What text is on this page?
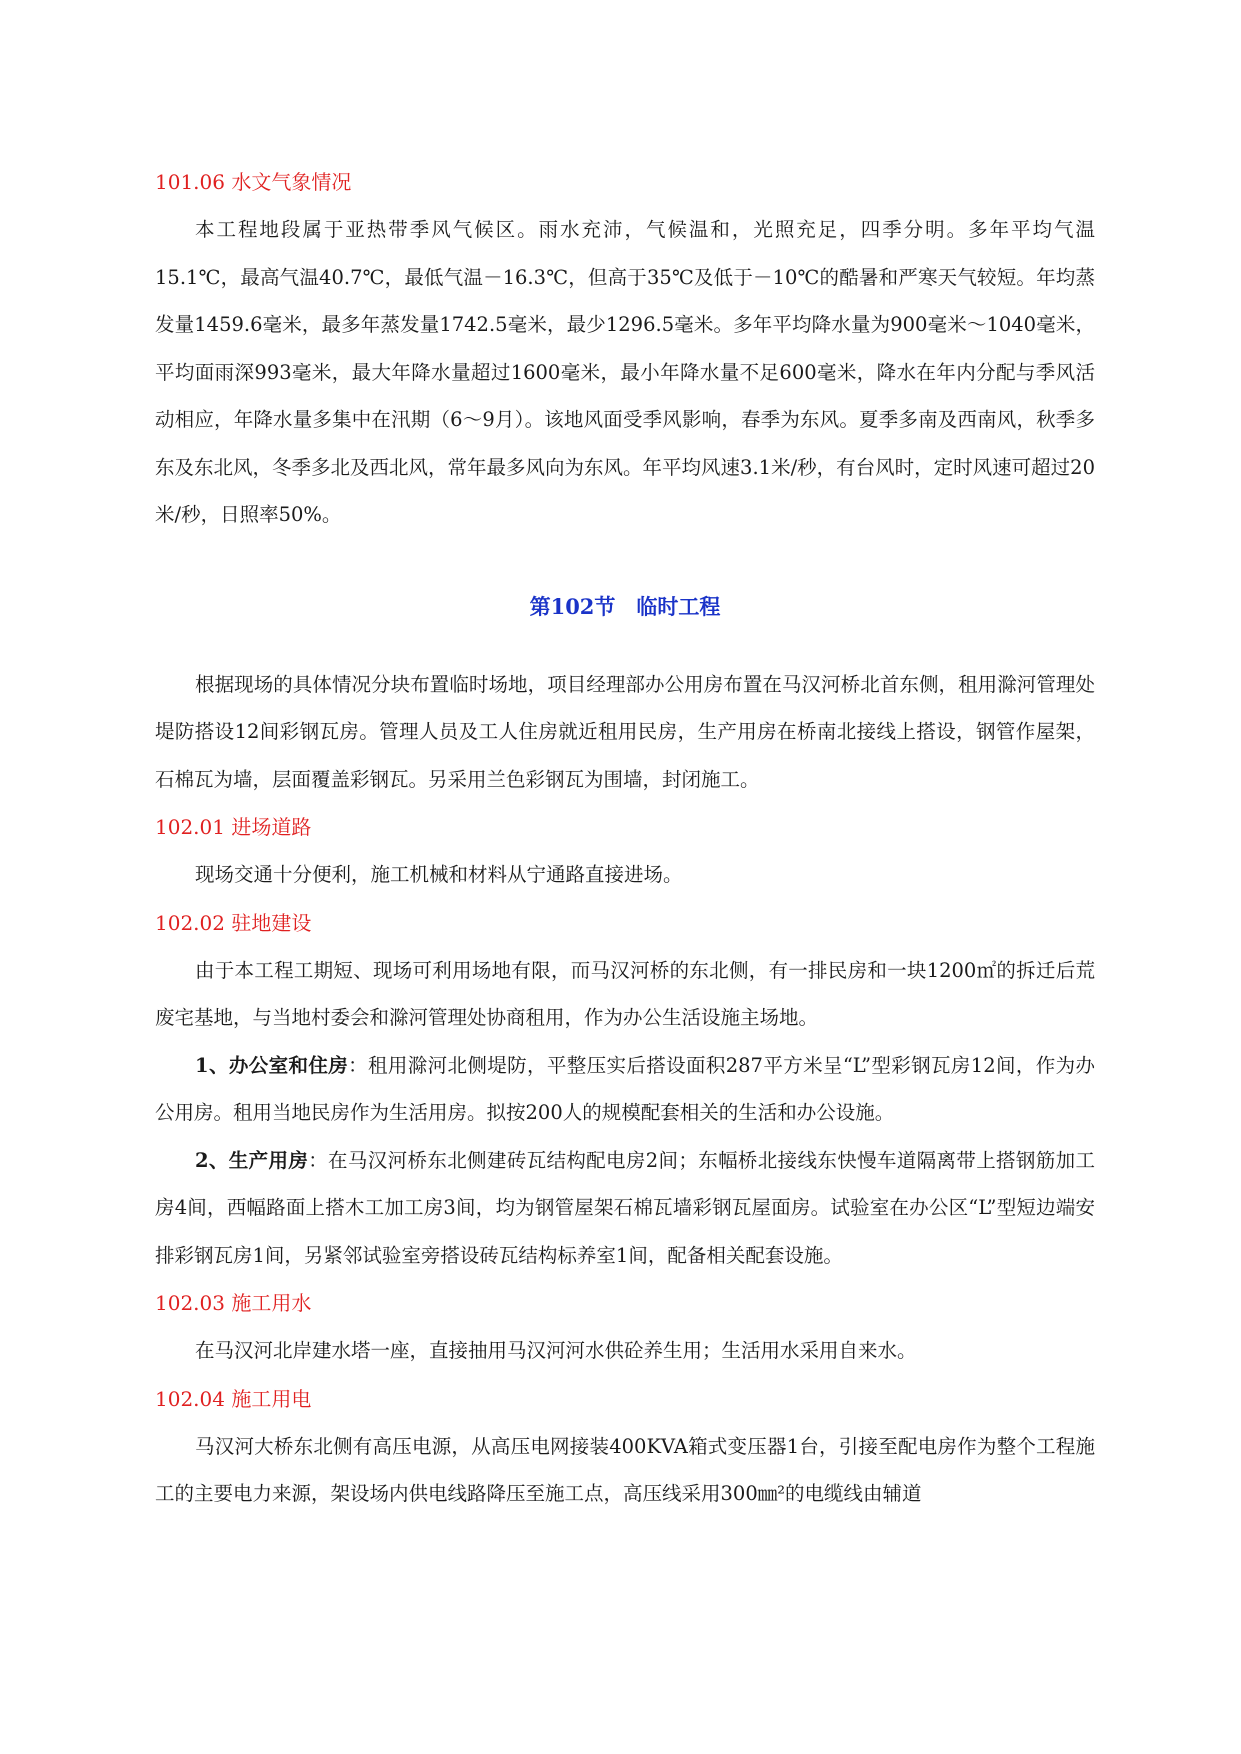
101.06 水文气象情况

本工程地段属于亚热带季风气候区。雨水充沛，气候温和，光照充足，四季分明。多年平均气温15.1℃，最高气温40.7℃，最低气温－16.3℃，但高于35℃及低于－10℃的酷暑和严寒天气较短。年均蒸发量1459.6毫米，最多年蒸发量1742.5毫米，最少1296.5毫米。多年平均降水量为900毫米～1040毫米，平均面雨深993毫米，最大年降水量超过1600毫米，最小年降水量不足600毫米，降水在年内分配与季风活动相应，年降水量多集中在汛期（6～9月）。该地风面受季风影响，春季为东风。夏季多南及西南风，秋季多东及东北风，冬季多北及西北风，常年最多风向为东风。年平均风速3.1米/秒，有台风时，定时风速可超过20米/秒，日照率50%。

第102节　临时工程

根据现场的具体情况分块布置临时场地，项目经理部办公用房布置在马汉河桥北首东侧，租用滁河管理处堤防搭设12间彩钢瓦房。管理人员及工人住房就近租用民房，生产用房在桥南北接线上搭设，钢管作屋架，石棉瓦为墙，层面覆盖彩钢瓦。另采用兰色彩钢瓦为围墙，封闭施工。

102.01 进场道路

现场交通十分便利，施工机械和材料从宁通路直接进场。

102.02 驻地建设

由于本工程工期短、现场可利用场地有限，而马汉河桥的东北侧，有一排民房和一块1200㎡的拆迁后荒废宅基地，与当地村委会和滁河管理处协商租用，作为办公生活设施主场地。

1、办公室和住房：租用滁河北侧堤防，平整压实后搭设面积287平方米呈“L”型彩钢瓦房12间，作为办公用房。租用当地民房作为生活用房。拟按200人的规模配套相关的生活和办公设施。

2、生产用房：在马汉河桥东北侧建砖瓦结构配电房2间；东幅桥北接线东快慢车道隔离带上搭钢筋加工房4间，西幅路面上搭木工加工房3间，均为钢管屋架石棉瓦墙彩钢瓦屋面房。试验室在办公区“L”型短边端安排彩钢瓦房1间，另紧邻试验室旁搭设砖瓦结构标养室1间，配备相关配套设施。

102.03 施工用水

在马汉河北岸建水塔一座，直接抽用马汉河河水供砼养生用；生活用水采用自来水。

102.04 施工用电

马汉河大桥东北侧有高压电源，从高压电网接装400KVA箱式变压器1台，引接至配电房作为整个工程施工的主要电力来源，架设场内供电线路降压至施工点，高压线采用300㎜²的电缆线由辅道
